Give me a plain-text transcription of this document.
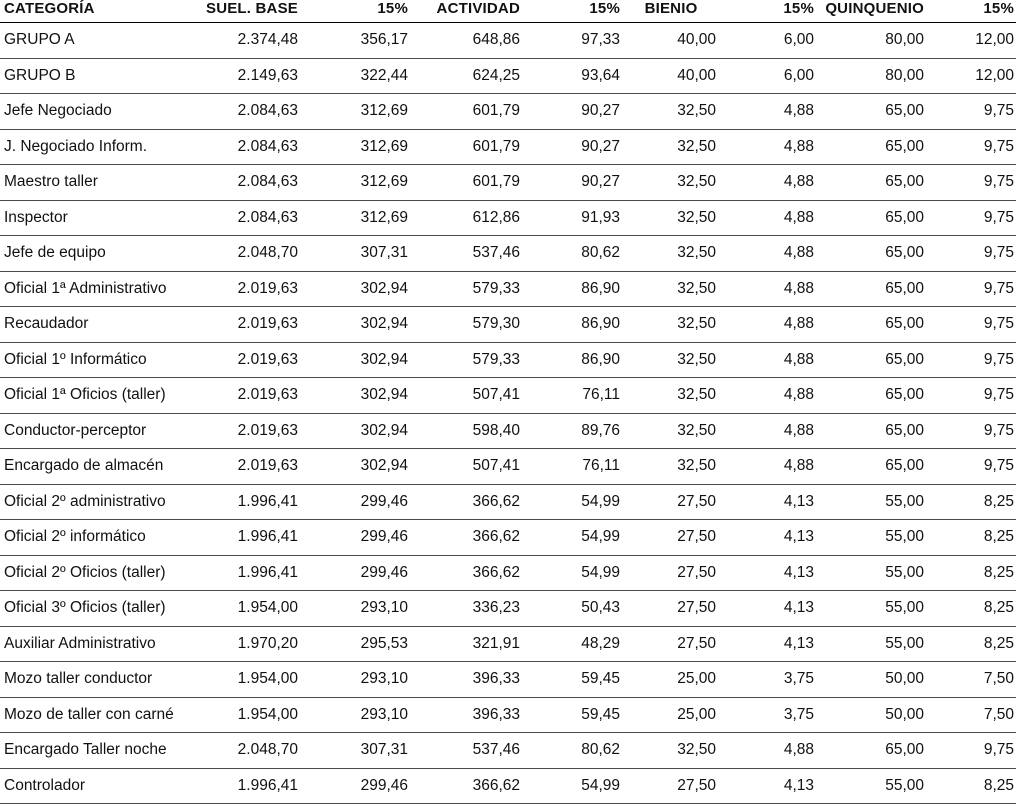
CATEGORÍA	SUEL. BASE	15%	ACTIVIDAD	15%	BIENIO	15%	QUINQUENIO	15%
GRUPO A	2.374,48	356,17	648,86	97,33	40,00	6,00	80,00	12,00
GRUPO B	2.149,63	322,44	624,25	93,64	40,00	6,00	80,00	12,00
Jefe Negociado	2.084,63	312,69	601,79	90,27	32,50	4,88	65,00	9,75
J. Negociado Inform.	2.084,63	312,69	601,79	90,27	32,50	4,88	65,00	9,75
Maestro taller	2.084,63	312,69	601,79	90,27	32,50	4,88	65,00	9,75
Inspector	2.084,63	312,69	612,86	91,93	32,50	4,88	65,00	9,75
Jefe de equipo	2.048,70	307,31	537,46	80,62	32,50	4,88	65,00	9,75
Oficial 1ª Administrativo	2.019,63	302,94	579,33	86,90	32,50	4,88	65,00	9,75
Recaudador	2.019,63	302,94	579,30	86,90	32,50	4,88	65,00	9,75
Oficial 1º Informático	2.019,63	302,94	579,33	86,90	32,50	4,88	65,00	9,75
Oficial 1ª Oficios (taller)	2.019,63	302,94	507,41	76,11	32,50	4,88	65,00	9,75
Conductor-perceptor	2.019,63	302,94	598,40	89,76	32,50	4,88	65,00	9,75
Encargado de almacén	2.019,63	302,94	507,41	76,11	32,50	4,88	65,00	9,75
Oficial 2º administrativo	1.996,41	299,46	366,62	54,99	27,50	4,13	55,00	8,25
Oficial 2º informático	1.996,41	299,46	366,62	54,99	27,50	4,13	55,00	8,25
Oficial 2º Oficios (taller)	1.996,41	299,46	366,62	54,99	27,50	4,13	55,00	8,25
Oficial 3º Oficios (taller)	1.954,00	293,10	336,23	50,43	27,50	4,13	55,00	8,25
Auxiliar Administrativo	1.970,20	295,53	321,91	48,29	27,50	4,13	55,00	8,25
Mozo taller conductor	1.954,00	293,10	396,33	59,45	25,00	3,75	50,00	7,50
Mozo de taller con carné	1.954,00	293,10	396,33	59,45	25,00	3,75	50,00	7,50
Encargado Taller noche	2.048,70	307,31	537,46	80,62	32,50	4,88	65,00	9,75
Controlador	1.996,41	299,46	366,62	54,99	27,50	4,13	55,00	8,25
